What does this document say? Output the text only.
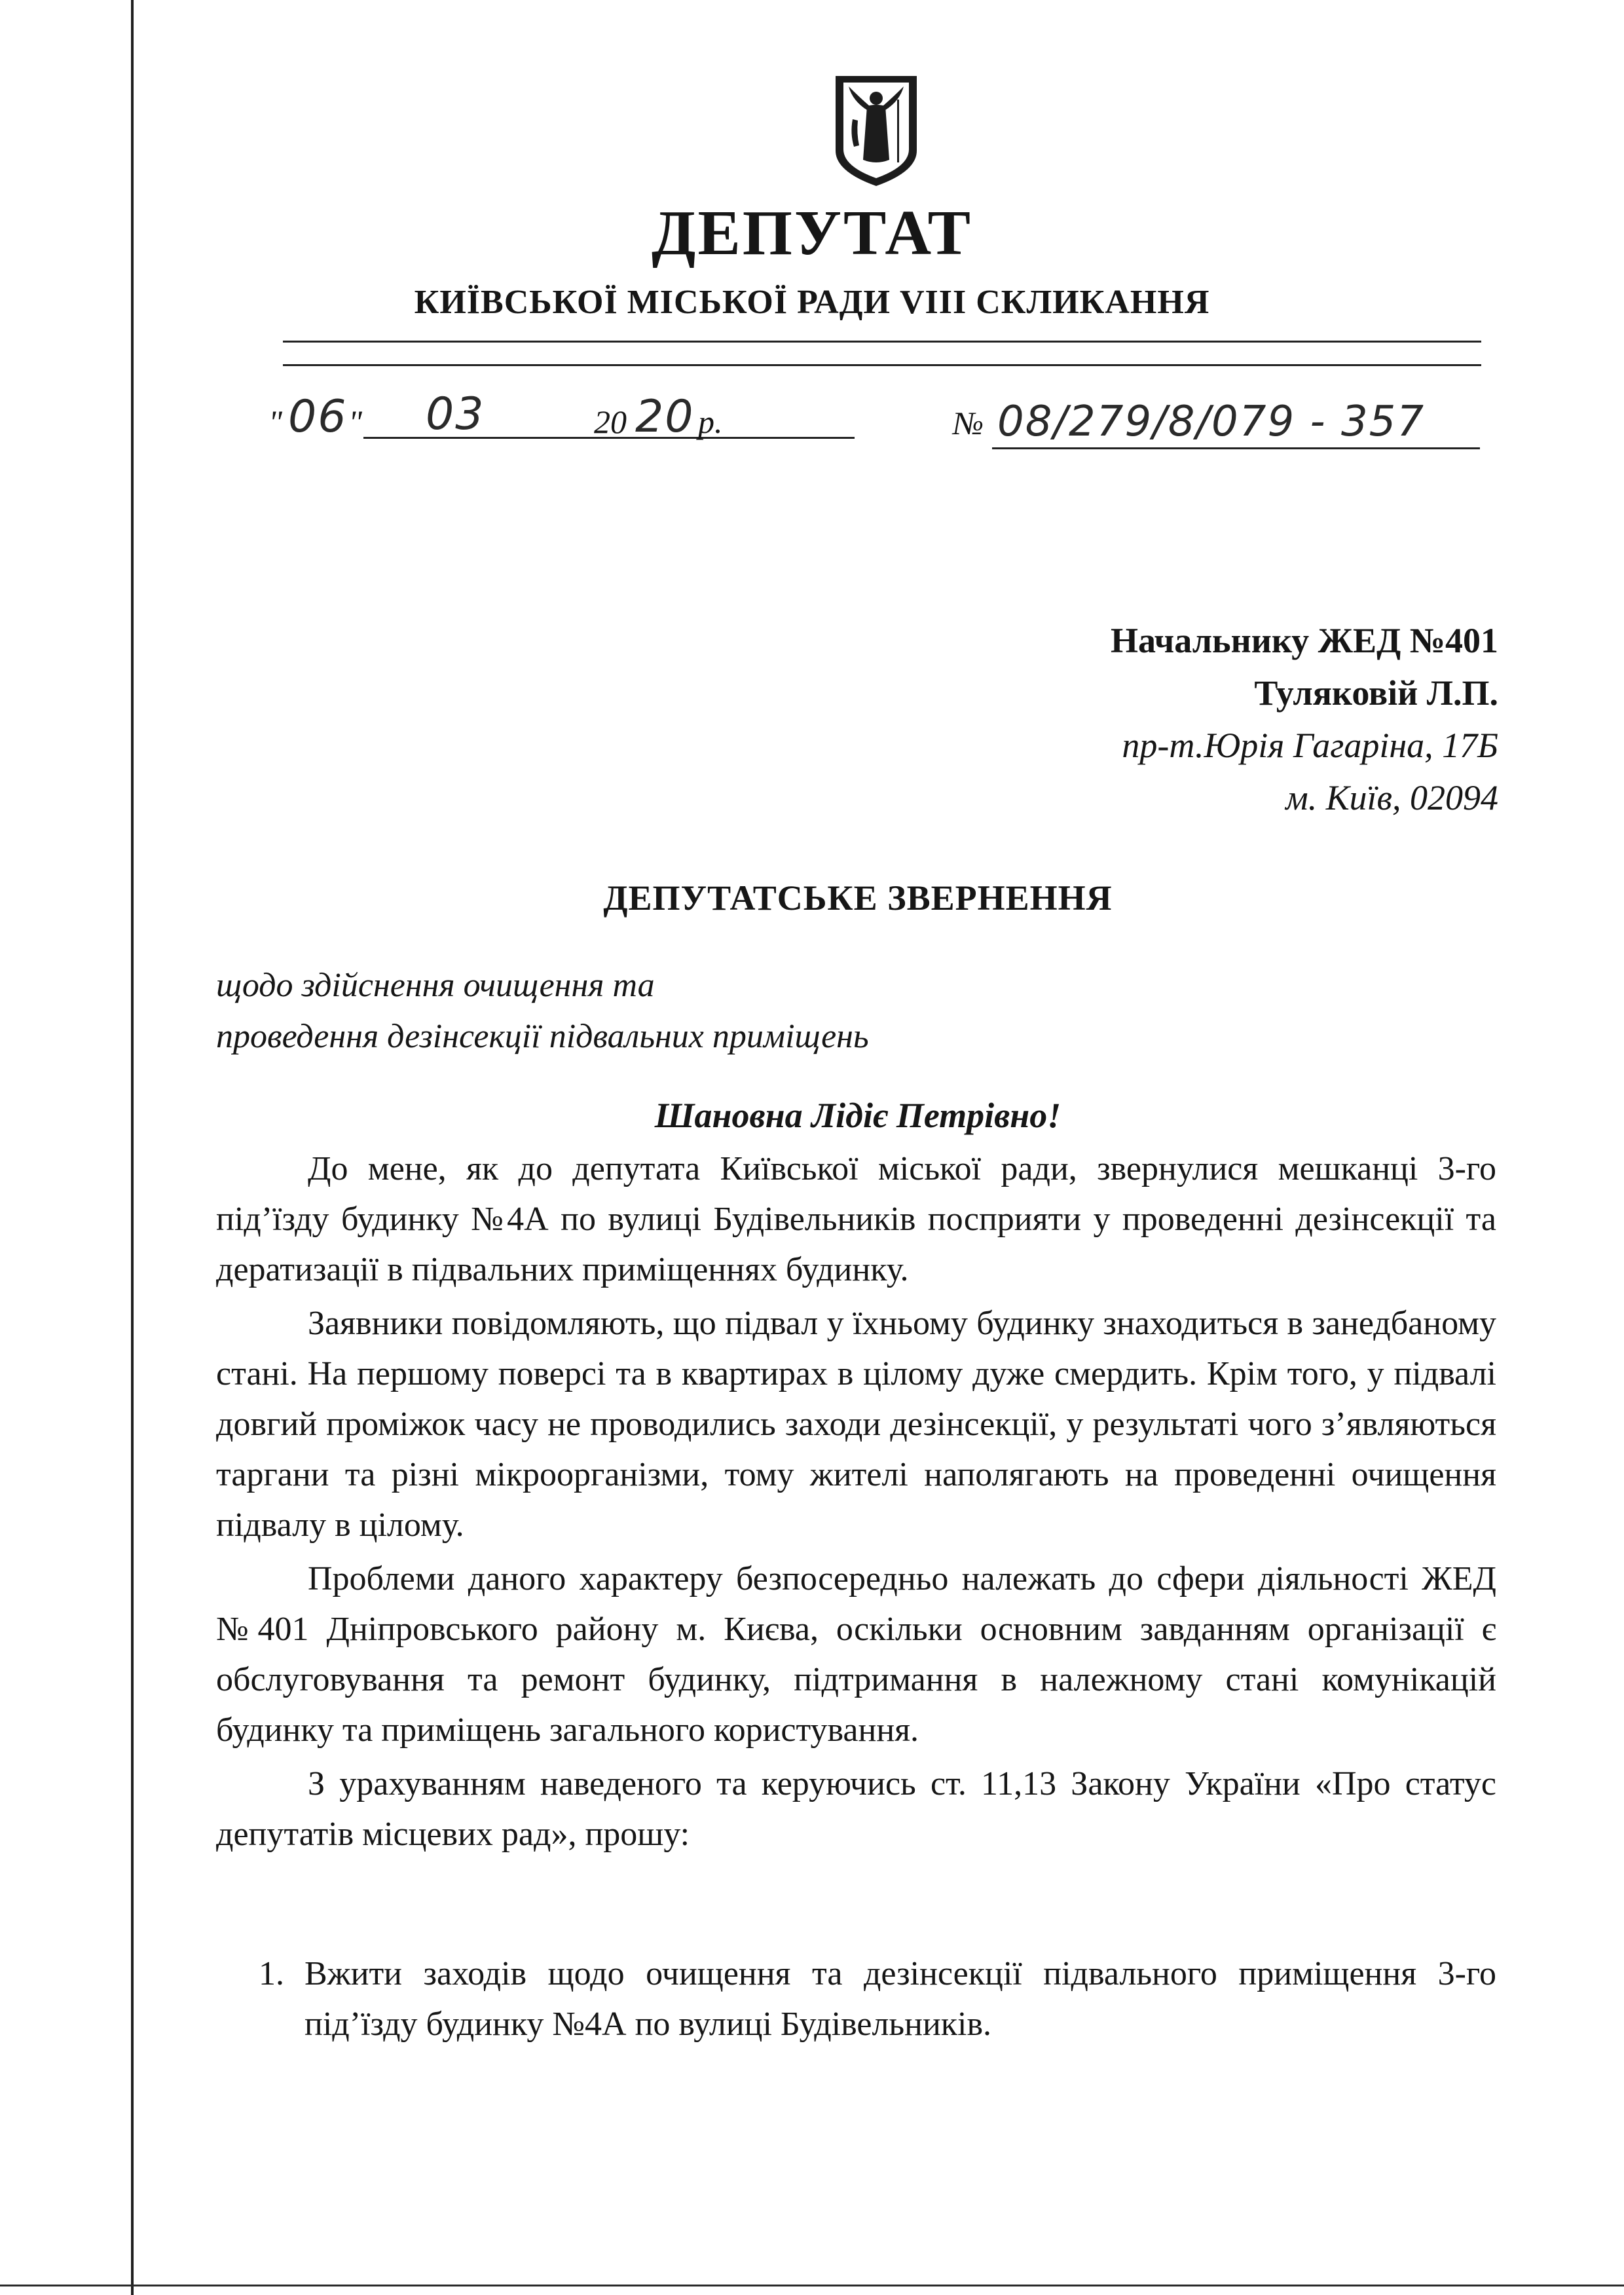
ДЕПУТАТ
КИЇВСЬКОЇ МІСЬКОЇ РАДИ VIII СКЛИКАННЯ
" 06 " 03	20 20 р.	№ 08/279/8/079 - 357
Начальнику ЖЕД №401
Туляковій Л.П.
пр-т.Юрія Гагаріна, 17Б
м. Київ, 02094
ДЕПУТАТСЬКЕ ЗВЕРНЕННЯ
щодо здійснення очищення та
проведення дезінсекції підвальних приміщень
Шановна Лідіє Петрівно!

До мене, як до депутата Київської міської ради, звернулися мешканці 3-го під’їзду будинку №4А по вулиці Будівельників посприяти у проведенні дезінсекції та дератизації в підвальних приміщеннях будинку.

Заявники повідомляють, що підвал у їхньому будинку знаходиться в занедбаному стані. На першому поверсі та в квартирах в цілому дуже смердить. Крім того, у підвалі довгий проміжок часу не проводились заходи дезінсекції, у результаті чого з’являються таргани та різні мікроорганізми, тому жителі наполягають на проведенні очищення підвалу в цілому.

Проблеми даного характеру безпосередньо належать до сфери діяльності ЖЕД №401 Дніпровського району м. Києва, оскільки основним завданням організації є обслуговування та ремонт будинку, підтримання в належному стані комунікацій будинку та приміщень загального користування.

З урахуванням наведеного та керуючись ст. 11,13 Закону України «Про статус депутатів місцевих рад», прошу:

1. Вжити заходів щодо очищення та дезінсекції підвального приміщення 3-го під’їзду будинку №4А по вулиці Будівельників.
